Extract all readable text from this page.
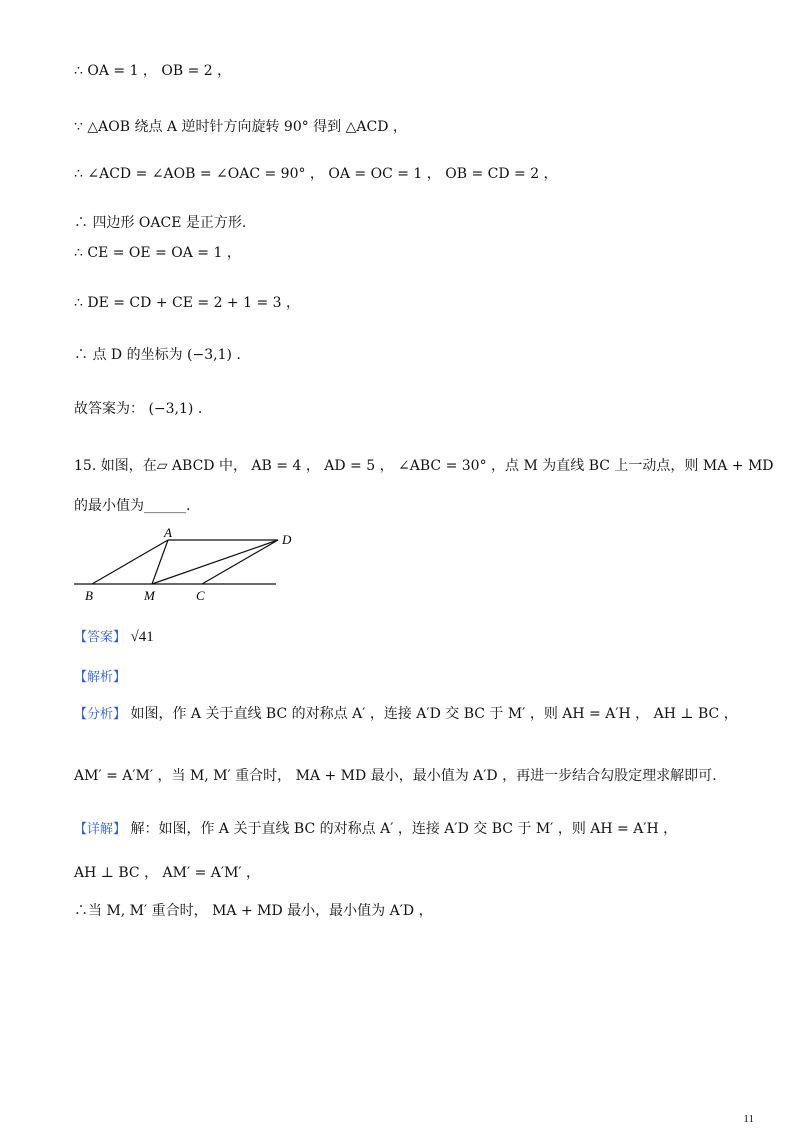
∴ OA = 1 ， OB = 2 ，
∵ △AOB 绕点 A 逆时针方向旋转 90° 得到 △ACD ，
∴ ∠ACD = ∠AOB = ∠OAC = 90° ， OA = OC = 1 ， OB = CD = 2 ，
∴ 四边形 OACE 是正方形.
∴ CE = OE = OA = 1 ，
∴ DE = CD + CE = 2 + 1 = 3 ，
∴ 点 D 的坐标为 (−3,1) .
故答案为： (−3,1) .
15. 如图，在▱ ABCD 中， AB = 4 ， AD = 5 ， ∠ABC = 30° ，点 M 为直线 BC 上一动点，则 MA + MD
的最小值为______.
A	D
B	M	C
【答案】 √41
【解析】
【分析】 如图，作 A 关于直线 BC 的对称点 A′ ，连接 A′D 交 BC 于 M′ ，则 AH = A′H ， AH ⊥ BC ，
AM′ = A′M′ ，当 M, M′ 重合时， MA + MD 最小，最小值为 A′D ，再进一步结合勾股定理求解即可.
【详解】 解：如图，作 A 关于直线 BC 的对称点 A′ ，连接 A′D 交 BC 于 M′ ，则 AH = A′H ，
AH ⊥ BC ， AM′ = A′M′ ，
∴当 M, M′ 重合时， MA + MD 最小，最小值为 A′D ，
11
